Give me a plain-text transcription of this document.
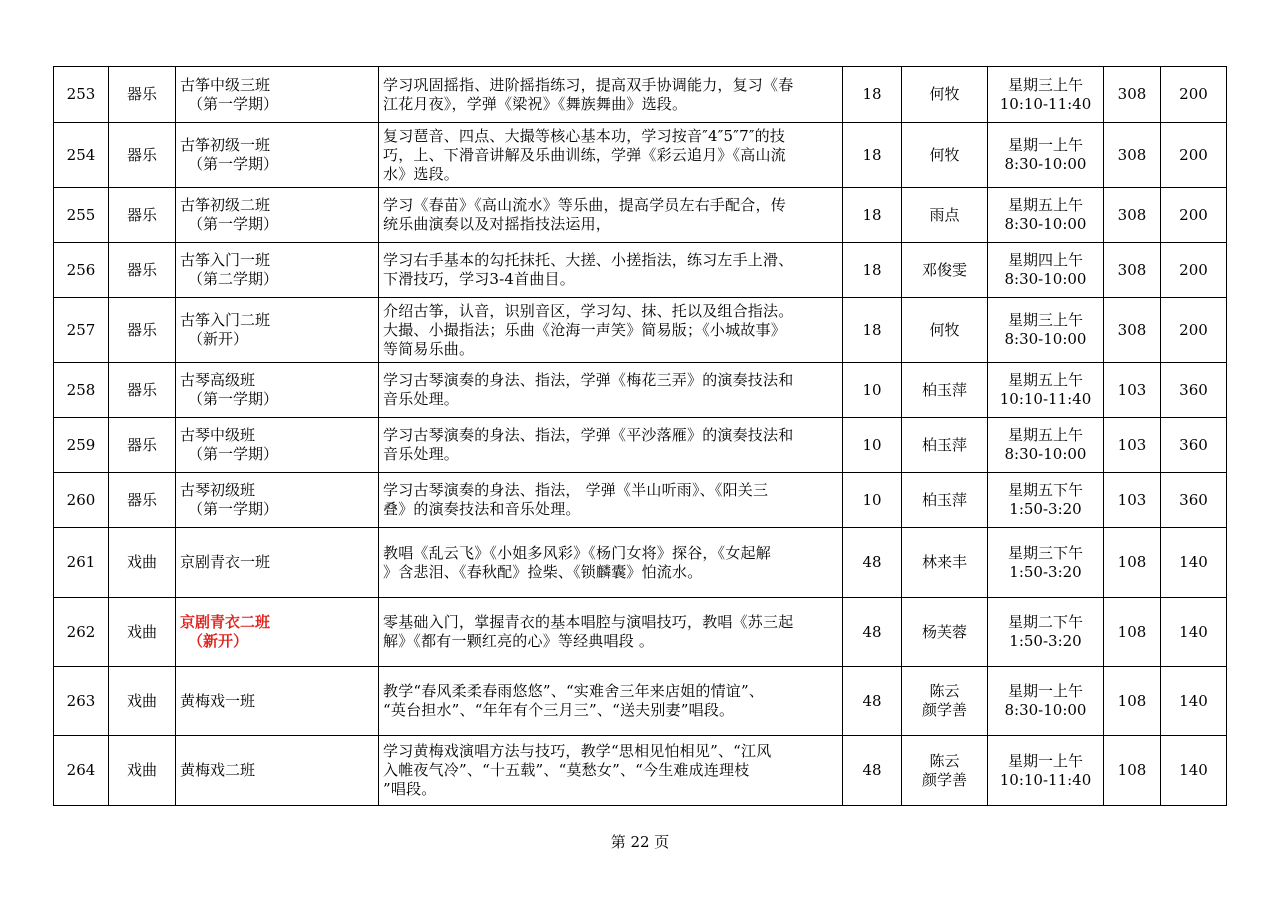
253	器乐	古筝中级三班
（第一学期）	学习巩固摇指、进阶摇指练习，提高双手协调能力，复习《春
江花月夜》，学弹《梁祝》《舞族舞曲》选段。	18	何牧	星期三上午
10:10-11:40	308	200
254	器乐	古筝初级一班
（第一学期）	复习琶音、四点、大撮等核心基本功，学习按音″4″5″7″的技
巧，上、下滑音讲解及乐曲训练，学弹《彩云追月》《高山流
水》选段。	18	何牧	星期一上午
8:30-10:00	308	200
255	器乐	古筝初级二班
（第一学期）	学习《春苗》《高山流水》等乐曲，提高学员左右手配合，传
统乐曲演奏以及对摇指技法运用，	18	雨点	星期五上午
8:30-10:00	308	200
256	器乐	古筝入门一班
（第二学期）	学习右手基本的勾托抹托、大搓、小搓指法，练习左手上滑、
下滑技巧，学习3-4首曲目。	18	邓俊雯	星期四上午
8:30-10:00	308	200
257	器乐	古筝入门二班
（新开）	介绍古筝，认音，识别音区，学习勾、抹、托以及组合指法。
大撮、小撮指法；乐曲《沧海一声笑》简易版；《小城故事》
等简易乐曲。	18	何牧	星期三上午
8:30-10:00	308	200
258	器乐	古琴高级班
（第一学期）	学习古琴演奏的身法、指法，学弹《梅花三弄》的演奏技法和
音乐处理。	10	柏玉萍	星期五上午
10:10-11:40	103	360
259	器乐	古琴中级班
（第一学期）	学习古琴演奏的身法、指法，学弹《平沙落雁》的演奏技法和
音乐处理。	10	柏玉萍	星期五上午
8:30-10:00	103	360
260	器乐	古琴初级班
（第一学期）	学习古琴演奏的身法、指法， 学弹《半山听雨》、《阳关三
叠》的演奏技法和音乐处理。	10	柏玉萍	星期五下午
1:50-3:20	103	360
261	戏曲	京剧青衣一班	教唱《乱云飞》《小姐多风彩》《杨门女将》探谷，《女起解
》含悲泪、《春秋配》捡柴、《锁麟囊》怕流水。	48	林来丰	星期三下午
1:50-3:20	108	140
262	戏曲	京剧青衣二班
（新开）	零基础入门，掌握青衣的基本唱腔与演唱技巧，教唱《苏三起
解》《都有一颗红亮的心》等经典唱段 。	48	杨芙蓉	星期二下午
1:50-3:20	108	140
263	戏曲	黄梅戏一班	教学“春风柔柔春雨悠悠”、“实难舍三年来店姐的情谊”、
“英台担水”、“年年有个三月三”、“送夫别妻”唱段。	48	陈云
颜学善	星期一上午
8:30-10:00	108	140
264	戏曲	黄梅戏二班	学习黄梅戏演唱方法与技巧，教学“思相见怕相见”、“江风
入帷夜气冷”、“十五载”、“莫愁女”、“今生难成连理枝
”唱段。	48	陈云
颜学善	星期一上午
10:10-11:40	108	140
第 22 页
